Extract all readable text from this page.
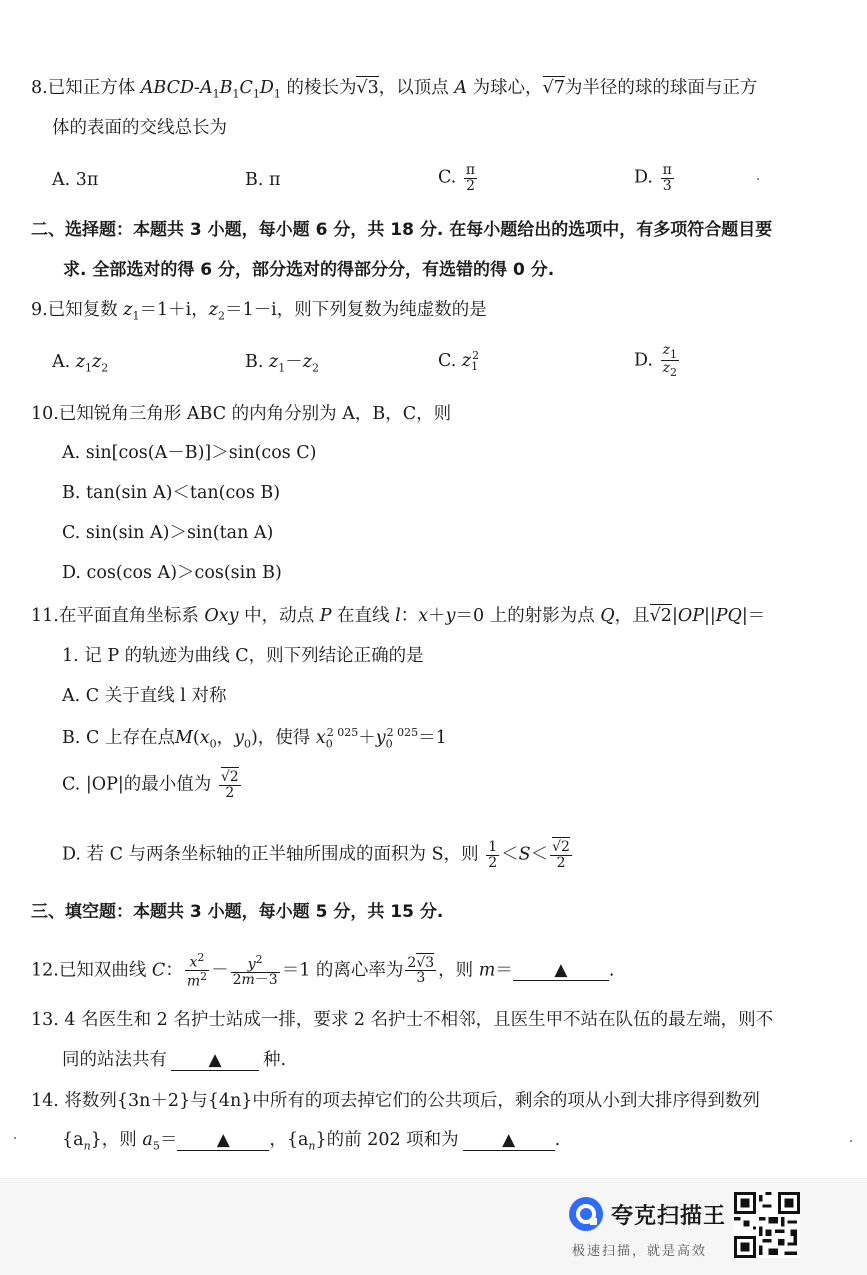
8.已知正方体 ABCD-$A_1B_1C_1D_1$ 的棱长为√3，以顶点 A 为球心，√7为半径的球的球面与正方
体的表面的交线总长为
A. 3π	B. π	C. $\frac{\pi}{2}$	D. $\frac{\pi}{3}$
二、选择题：本题共 3 小题，每小题 6 分，共 18 分. 在每小题给出的选项中，有多项符合题目要
求. 全部选对的得 6 分，部分选对的得部分分，有选错的得 0 分.
9.已知复数 $z_1=1+i$，$z_2=1-i$，则下列复数为纯虚数的是
A. $z_1z_2$	B. $z_1-z_2$	C. $z_1^2$	D. $\frac{z_1}{z_2}$
10.已知锐角三角形 ABC 的内角分别为 A，B，C，则
A. sin[cos(A－B)]＞sin(cos C)
B. tan(sin A)＜tan(cos B)
C. sin(sin A)＞sin(tan A)
D. cos(cos A)＞cos(sin B)
11.在平面直角坐标系 Oxy 中，动点 P 在直线 l：x＋y＝0 上的射影为点 Q，且√2|OP||PQ|＝
1. 记 P 的轨迹为曲线 C，则下列结论正确的是
A. C 关于直线 l 对称
B. C 上存在点$M(x_0$，$y_0$)，使得 $x_0^{2 025}+y_0^{2 025}=1$
C. |OP|的最小值为 $\frac{√2}{2}$
D. 若 C 与两条坐标轴的正半轴所围成的面积为 S，则 $\frac{1}{2} <S< \frac{√2}{2}$
三、填空题：本题共 3 小题，每小题 5 分，共 15 分.
12.已知双曲线 C： $\frac{x^2}{m^2} - \frac{y^2}{2m-3} =1$ 的离心率为 $\frac{2√3}{3}$ ，则 m＝ ▲ .
13. 4 名医生和 2 名护士站成一排，要求 2 名护士不相邻，且医生甲不站在队伍的最左端，则不
同的站法共有 ▲ 种.
14. 将数列{3n＋2}与{4n}中所有的项去掉它们的公共项后，剩余的项从小到大排序得到数列
$\{a_n\}$，则 $a_5=$ ▲ ，$\{a_n\}$的前 202 项和为	▲ .
夸克扫描王
极速扫描，就是高效
